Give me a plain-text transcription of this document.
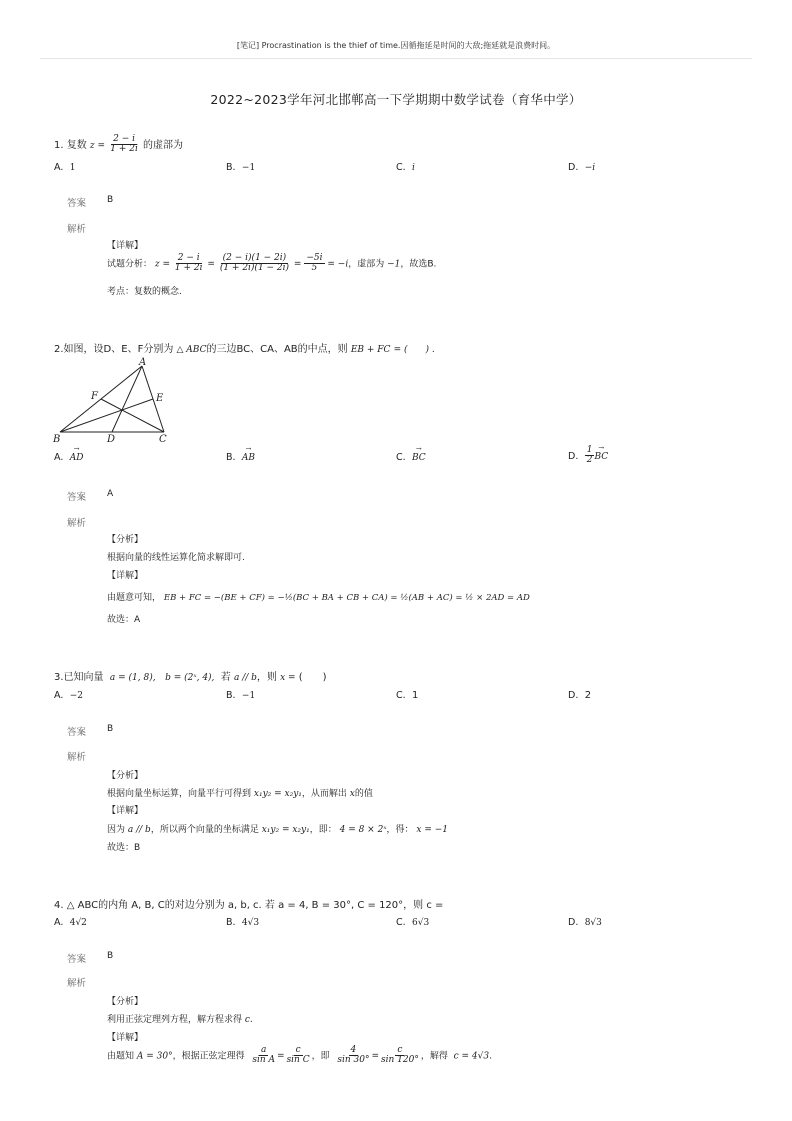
[笔记] Procrastination is the thief of time.因循拖延是时间的大敌;拖延就是浪费时间。
2022~2023学年河北邯郸高一下学期期中数学试卷（育华中学）
1. 复数 $z = \frac{2 - i}{1 + 2i}$ 的虚部为
A. 1	B. −1	C. i	D. −i
答案 B
解析
【详解】
试题分析： $z = \frac{2 - i}{1 + 2i} = \frac{(2 - i)(1 - 2i)}{(1 + 2i)(1 - 2i)} = \frac{-5i}{5} = -i$，虚部为 −1，故选B.
考点：复数的概念.
2.如图，设D、E、F分别为 △ ABC的三边BC、CA、AB的中点，则 EB + FC = (　　) .
A
B	C
D
E
F
A. → AD	B. → AB	C. → BC	D. $\frac{1}{2}$ → BC
答案 A
解析
【分析】
根据向量的线性运算化简求解即可.
【详解】
由题意可知， EB + FC = −(BE + CF) = −½(BC + BA + CB + CA) = ½(AB + AC) = ½ × 2AD = AD
故选：A
3.已知向量 a = (1, 8), b = (2ˣ, 4), 若 a // b，则 x = (　　)
A. −2	B. −1	C. 1	D. 2
答案 B
解析
【分析】
根据向量坐标运算，向量平行可得到 x₁y₂ = x₂y₁，从而解出 x的值
【详解】
因为 a // b，所以两个向量的坐标满足 x₁y₂ = x₂y₁，即： 4 = 8 × 2ˣ，得： x = −1
故选：B
4. △ ABC的内角 A, B, C的对边分别为 a, b, c. 若 a = 4, B = 30°, C = 120°，则 c =
A. 4√2	B. 4√3	C. 6√3	D. 8√3
答案 B
解析
【分析】
利用正弦定理列方程，解方程求得 c.
【详解】
由题知 A = 30°，根据正弦定理得 $\frac{a}{\text{sin A}} = \frac{c}{\text{sin C}}$ ，即 $\frac{4}{\sin 30^\circ} = \frac{c}{\sin 120^\circ}$ ，解得 c = 4√3.
